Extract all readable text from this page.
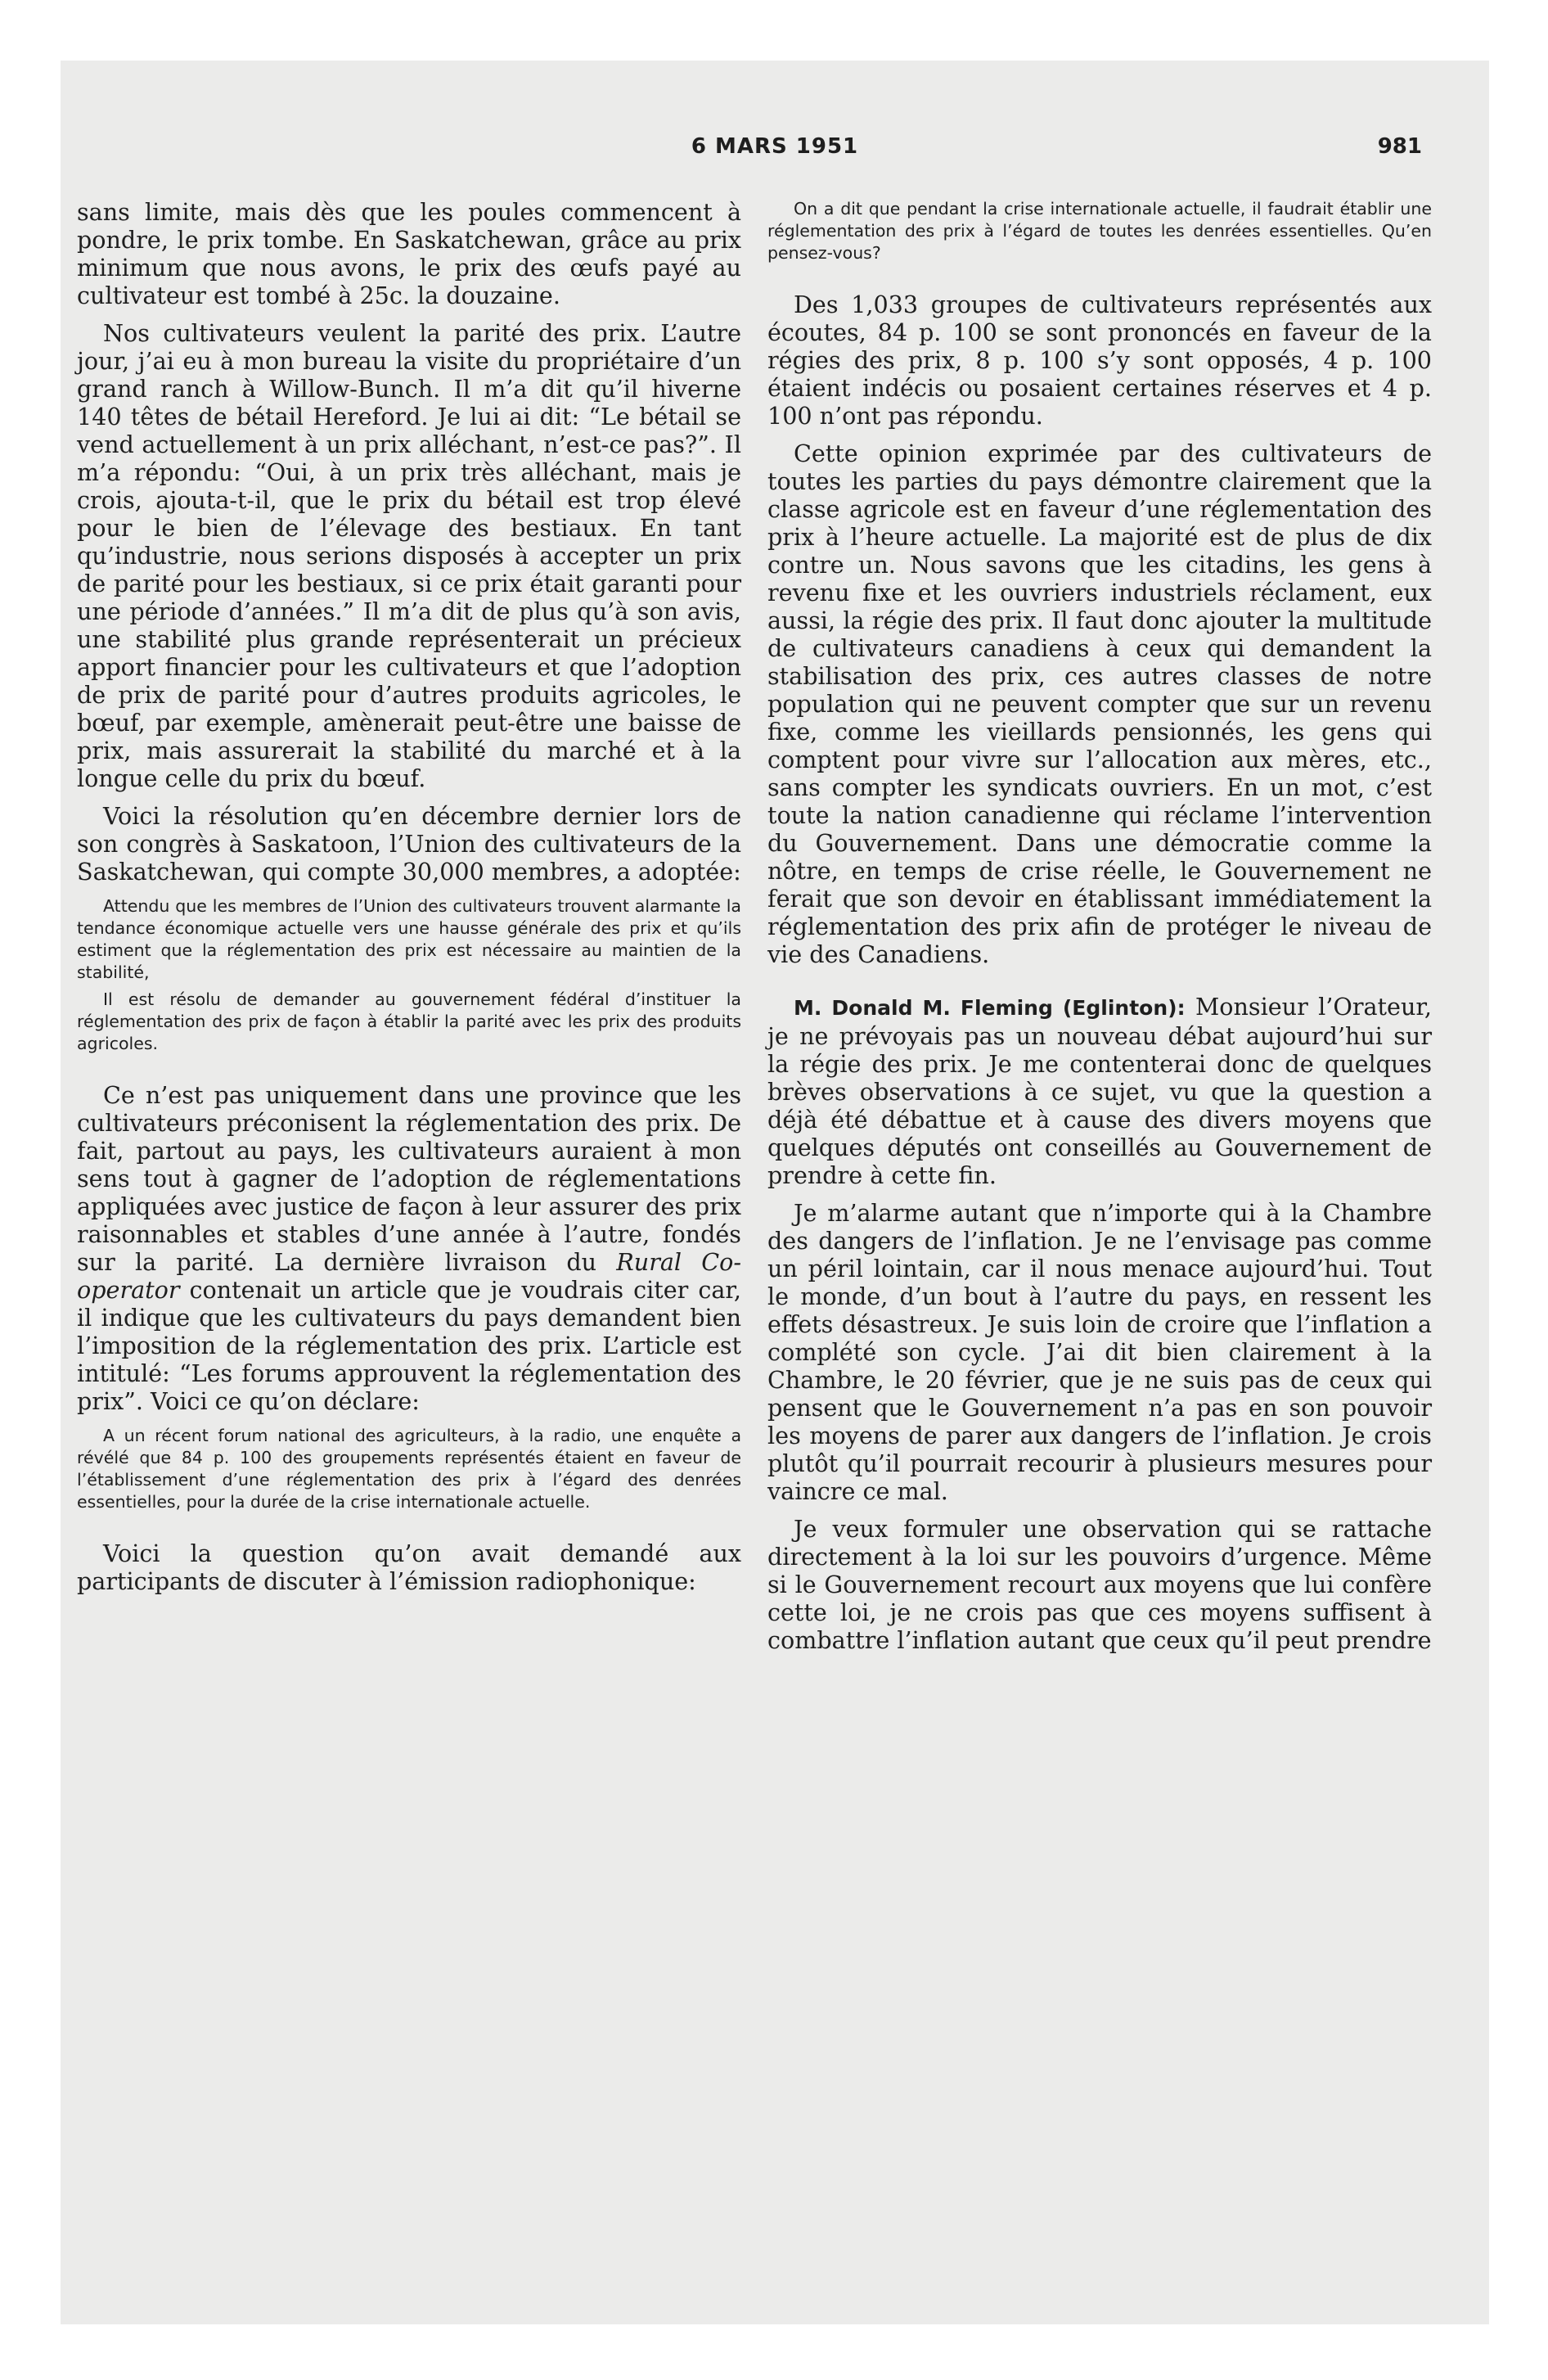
6 MARS 1951	981

sans limite, mais dès que les poules commencent à pondre, le prix tombe. En Saskatchewan, grâce au prix minimum que nous avons, le prix des œufs payé au cultivateur est tombé à 25c. la douzaine.

Nos cultivateurs veulent la parité des prix. L’autre jour, j’ai eu à mon bureau la visite du propriétaire d’un grand ranch à Willow-Bunch. Il m’a dit qu’il hiverne 140 têtes de bétail Hereford. Je lui ai dit: “Le bétail se vend actuellement à un prix alléchant, n’est-ce pas?”. Il m’a répondu: “Oui, à un prix très alléchant, mais je crois, ajouta-t-il, que le prix du bétail est trop élevé pour le bien de l’élevage des bestiaux. En tant qu’industrie, nous serions disposés à accepter un prix de parité pour les bestiaux, si ce prix était garanti pour une période d’années.” Il m’a dit de plus qu’à son avis, une stabilité plus grande représenterait un précieux apport financier pour les cultivateurs et que l’adoption de prix de parité pour d’autres produits agricoles, le bœuf, par exemple, amènerait peut-être une baisse de prix, mais assurerait la stabilité du marché et à la longue celle du prix du bœuf.

Voici la résolution qu’en décembre dernier lors de son congrès à Saskatoon, l’Union des cultivateurs de la Saskatchewan, qui compte 30,000 membres, a adoptée:

Attendu que les membres de l’Union des cultivateurs trouvent alarmante la tendance économique actuelle vers une hausse générale des prix et qu’ils estiment que la réglementation des prix est nécessaire au maintien de la stabilité,

Il est résolu de demander au gouvernement fédéral d’instituer la réglementation des prix de façon à établir la parité avec les prix des produits agricoles.

Ce n’est pas uniquement dans une province que les cultivateurs préconisent la réglementation des prix. De fait, partout au pays, les cultivateurs auraient à mon sens tout à gagner de l’adoption de réglementations appliquées avec justice de façon à leur assurer des prix raisonnables et stables d’une année à l’autre, fondés sur la parité. La dernière livraison du Rural Co-operator contenait un article que je voudrais citer car, il indique que les cultivateurs du pays demandent bien l’imposition de la réglementation des prix. L’article est intitulé: “Les forums approuvent la réglementation des prix”. Voici ce qu’on déclare:

A un récent forum national des agriculteurs, à la radio, une enquête a révélé que 84 p. 100 des groupements représentés étaient en faveur de l’établissement d’une réglementation des prix à l’égard des denrées essentielles, pour la durée de la crise internationale actuelle.

Voici la question qu’on avait demandé aux participants de discuter à l’émission radiophonique:

On a dit que pendant la crise internationale actuelle, il faudrait établir une réglementation des prix à l’égard de toutes les denrées essentielles. Qu’en pensez-vous?

Des 1,033 groupes de cultivateurs représentés aux écoutes, 84 p. 100 se sont prononcés en faveur de la régies des prix, 8 p. 100 s’y sont opposés, 4 p. 100 étaient indécis ou posaient certaines réserves et 4 p. 100 n’ont pas répondu.

Cette opinion exprimée par des cultivateurs de toutes les parties du pays démontre clairement que la classe agricole est en faveur d’une réglementation des prix à l’heure actuelle. La majorité est de plus de dix contre un. Nous savons que les citadins, les gens à revenu fixe et les ouvriers industriels réclament, eux aussi, la régie des prix. Il faut donc ajouter la multitude de cultivateurs canadiens à ceux qui demandent la stabilisation des prix, ces autres classes de notre population qui ne peuvent compter que sur un revenu fixe, comme les vieillards pensionnés, les gens qui comptent pour vivre sur l’allocation aux mères, etc., sans compter les syndicats ouvriers. En un mot, c’est toute la nation canadienne qui réclame l’intervention du Gouvernement. Dans une démocratie comme la nôtre, en temps de crise réelle, le Gouvernement ne ferait que son devoir en établissant immédiatement la réglementation des prix afin de protéger le niveau de vie des Canadiens.

M. Donald M. Fleming (Eglinton): Monsieur l’Orateur, je ne prévoyais pas un nouveau débat aujourd’hui sur la régie des prix. Je me contenterai donc de quelques brèves observations à ce sujet, vu que la question a déjà été débattue et à cause des divers moyens que quelques députés ont conseillés au Gouvernement de prendre à cette fin.

Je m’alarme autant que n’importe qui à la Chambre des dangers de l’inflation. Je ne l’envisage pas comme un péril lointain, car il nous menace aujourd’hui. Tout le monde, d’un bout à l’autre du pays, en ressent les effets désastreux. Je suis loin de croire que l’inflation a complété son cycle. J’ai dit bien clairement à la Chambre, le 20 février, que je ne suis pas de ceux qui pensent que le Gouvernement n’a pas en son pouvoir les moyens de parer aux dangers de l’inflation. Je crois plutôt qu’il pourrait recourir à plusieurs mesures pour vaincre ce mal.

Je veux formuler une observation qui se rattache directement à la loi sur les pouvoirs d’urgence. Même si le Gouvernement recourt aux moyens que lui confère cette loi, je ne crois pas que ces moyens suffisent à combattre l’inflation autant que ceux qu’il peut prendre
